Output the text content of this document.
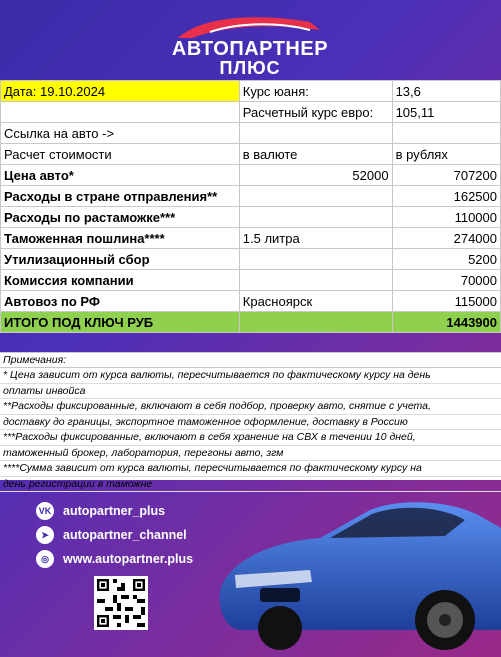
АВТОПАРТНЕР
ПЛЮС
Дата: 19.10.2024	Курс юаня:	13,6
	Расчетный курс евро:	105,11
Ссылка на авто ->		
Расчет стоимости	в валюте	в рублях
Цена авто*	52000	707200
Расходы в стране отправления**		162500
Расходы по растаможке***		110000
Таможенная пошлина****	1.5 литра	274000
Утилизационный сбор		5200
Комиссия компании		70000
Автовоз по РФ	Красноярск	115000
ИТОГО ПОД КЛЮЧ РУБ		1443900
Примечания:
* Цена зависит от курса валюты, пересчитывается по фактическому курсу на день
оплаты инвойса
**Расходы фиксированные, включают в себя подбор, проверку авто, снятие с учета,
доставку до границы, экспортное таможенное оформление, доставку в Россию
***Расходы фиксированные, включают в себя хранение на СВХ в течении 10 дней,
таможенный брокер, лаборатория, перегоны авто, згм
****Сумма зависит от курса валюты, пересчитывается по фактическому курсу на
день регистрации в таможне
VK autopartner_plus
➤	autopartner_channel
◎	www.autopartner.plus
